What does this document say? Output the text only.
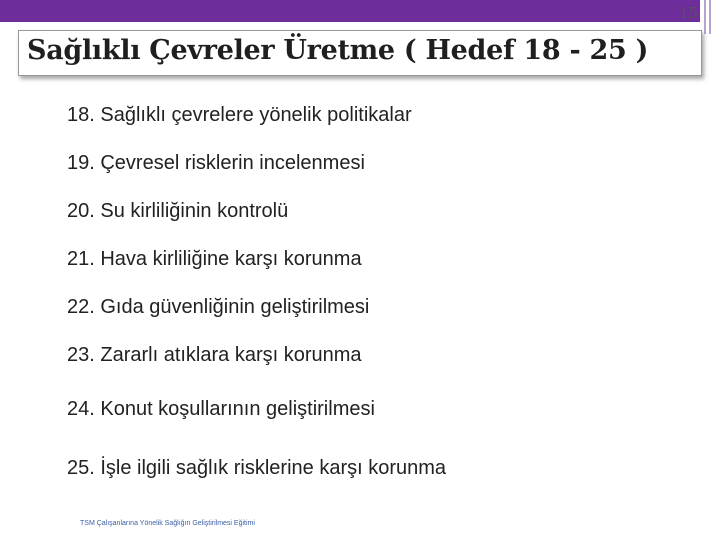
15
Sağlıklı Çevreler Üretme ( Hedef 18 - 25 )
18. Sağlıklı çevrelere yönelik politikalar
19. Çevresel risklerin incelenmesi
20. Su kirliliğinin kontrolü
21. Hava kirliliğine karşı korunma
22. Gıda güvenliğinin geliştirilmesi
23. Zararlı atıklara karşı korunma
24. Konut koşullarının geliştirilmesi
25. İşle ilgili sağlık risklerine karşı korunma
TSM Çalışanlarına Yönelik Sağlığın Geliştirilmesi Eğitimi
